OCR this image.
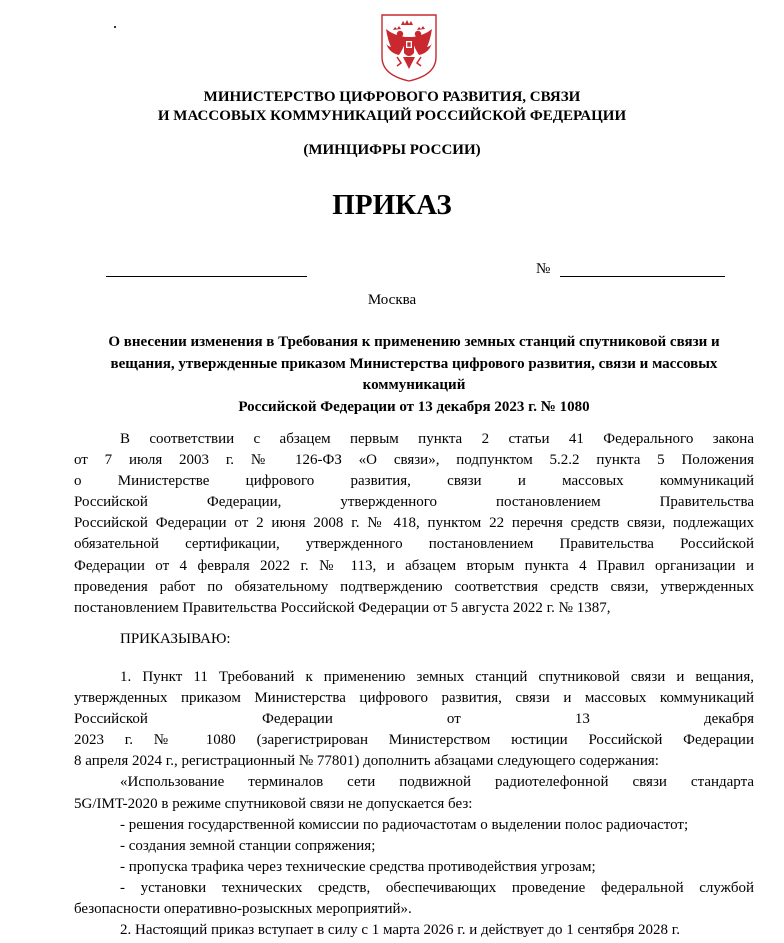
МИНИСТЕРСТВО ЦИФРОВОГО РАЗВИТИЯ, СВЯЗИ
И МАССОВЫХ КОММУНИКАЦИЙ РОССИЙСКОЙ ФЕДЕРАЦИИ
(МИНЦИФРЫ РОССИИ)
ПРИКАЗ
№
Москва
О внесении изменения в Требования к применению земных станций спутниковой связи и
вещания, утвержденные приказом Министерства цифрового развития, связи и массовых
коммуникаций
Российской Федерации от 13 декабря 2023 г. № 1080

В соответствии с абзацем первым пункта 2 статьи 41 Федерального закона

от 7 июля 2003 г. № 126-ФЗ «О связи», подпунктом 5.2.2 пункта 5 Положения

о Министерстве цифрового развития, связи и массовых коммуникаций

Российской Федерации, утвержденного постановлением Правительства

Российской Федерации от 2 июня 2008 г. № 418, пунктом 22 перечня средств связи, подлежащих

обязательной сертификации, утвержденного постановлением Правительства Российской

Федерации от 4 февраля 2022 г. № 113, и абзацем вторым пункта 4 Правил организации и

проведения работ по обязательному подтверждению соответствия средств связи, утвержденных

постановлением Правительства Российской Федерации от 5 августа 2022 г. № 1387,

ПРИКАЗЫВАЮ:

1. Пункт 11 Требований к применению земных станций спутниковой связи и вещания,

утвержденных приказом Министерства цифрового развития, связи и массовых коммуникаций

Российской Федерации от 13 декабря

2023 г. № 1080 (зарегистрирован Министерством юстиции Российской Федерации

8 апреля 2024 г., регистрационный № 77801) дополнить абзацами следующего содержания:

«Использование терминалов сети подвижной радиотелефонной связи стандарта

5G/IMT-2020 в режиме спутниковой связи не допускается без:

- решения государственной комиссии по радиочастотам о выделении полос радиочастот;

- создания земной станции сопряжения;

- пропуска трафика через технические средства противодействия угрозам;

- установки технических средств, обеспечивающих проведение федеральной службой

безопасности оперативно-розыскных мероприятий».

2. Настоящий приказ вступает в силу с 1 марта 2026 г. и действует до 1 сентября 2028 г.
